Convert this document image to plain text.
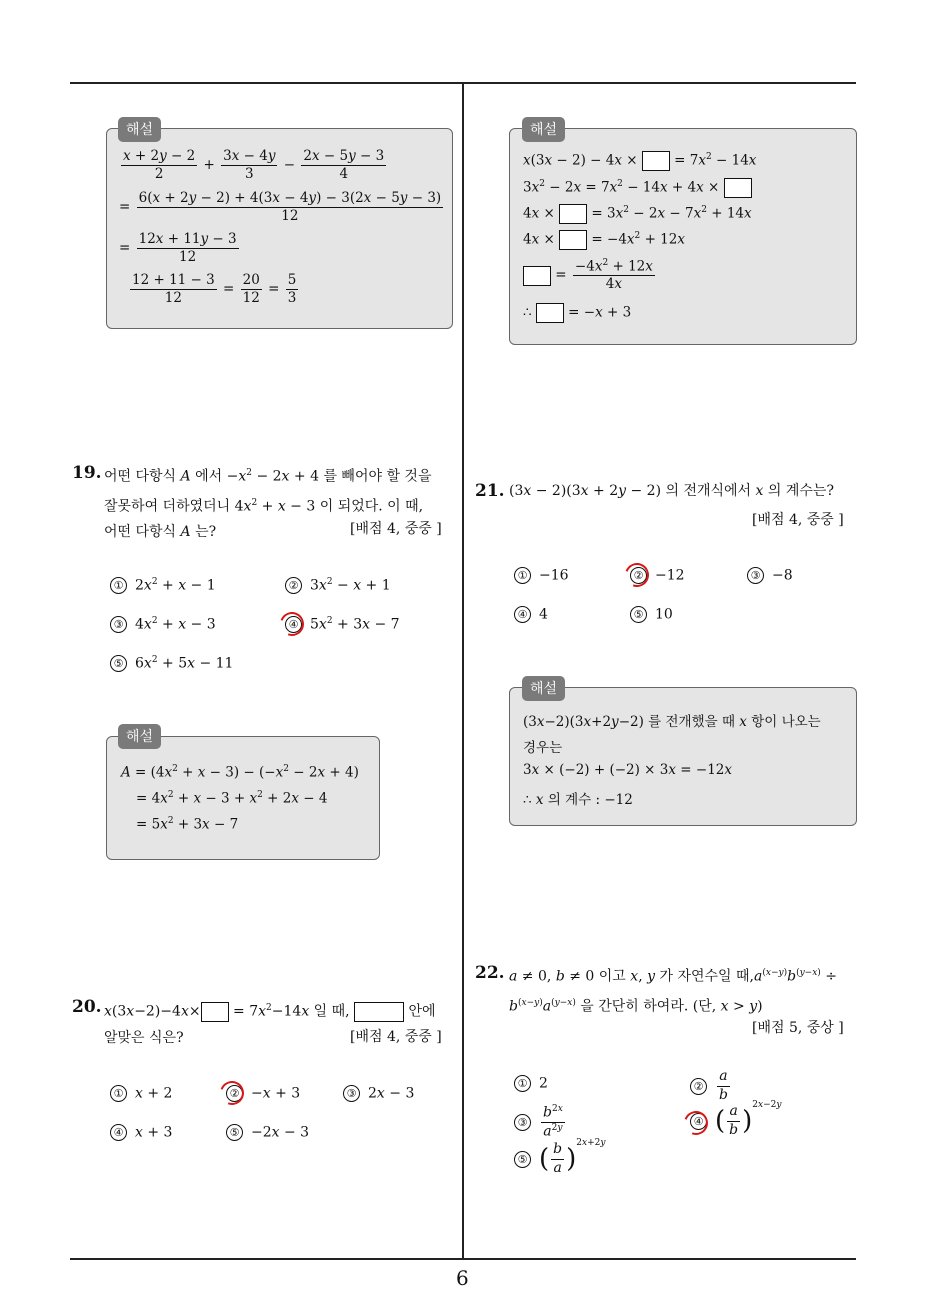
해설
$\frac{x + 2y - 2}{2} + \frac{3x - 4y}{3} - \frac{2x - 5y - 3}{4}$
= $\frac{6(x + 2y - 2) + 4(3x - 4y) - 3(2x - 5y - 3)}{12}$
= $\frac{12x + 11y - 3}{12}$
$\frac{12 + 11 - 3}{12} = \frac{20}{12} = \frac{5}{3}$
19. 어떤 다항식 A 에서 $-x^2 - 2x + 4$ 를 빼어야 할 것을
잘못하여 더하였더니 $4x^2 + x - 3$ 이 되었다. 이 때,
어떤 다항식 A 는?	[배점 4, 중중 ]
① $2x^2 + x - 1$	② $3x^2 - x + 1$
③ $4x^2 + x - 3$	④ $5x^2 + 3x - 7$
⑤ $6x^2 + 5x - 11$
해설
$A = (4x^2 + x - 3) - (-x^2 - 2x + 4)$
= $4x^2 + x - 3 + x^2 + 2x - 4$
= $5x^2 + 3x - 7$
20. $x(3x-2)-4x\times = 7x^2-14x$ 일 때,	안에
알맞은 식은?	[배점 4, 중중 ]
① x + 2	② −x + 3	③ 2x − 3
④ x + 3	⑤ −2x − 3
해설
x(3x − 2) − 4x ×  = $7x^2 - 14x$
$3x^2 - 2x = 7x^2 - 14x + 4x$ ×
4x ×  = $3x^2 - 2x - 7x^2 + 14x$
4x ×  = $-4x^2 + 12x$
= $\frac{-4x^2 + 12x}{4x}$
∴  = −x + 3
21. (3x − 2)(3x + 2y − 2) 의 전개식에서 x 의 계수는?
[배점 4, 중중 ]
① −16	② −12	③ −8
④ 4	⑤ 10
해설
(3x−2)(3x+2y−2) 를 전개했을 때 x 항이 나오는
경우는
3x × (−2) + (−2) × 3x = −12x
∴ x 의 계수 : −12
22. a ≠ 0, b ≠ 0 이고 x, y 가 자연수일 때$,a^{(x-y)}b^{(y-x)}$ ÷
$b^{(x-y)}a^{(y-x)}$ 을 간단히 하여라. (단, x > y)
[배점 5, 중상 ]
① 2	② $\frac{a}{b}$
③ $\frac{b^{2x}}{a^{2y}}$	④ ( $\frac{a}{b} )^{2x-2y}$
⑤ ( $\frac{b}{a} )^{2x+2y}$
6
